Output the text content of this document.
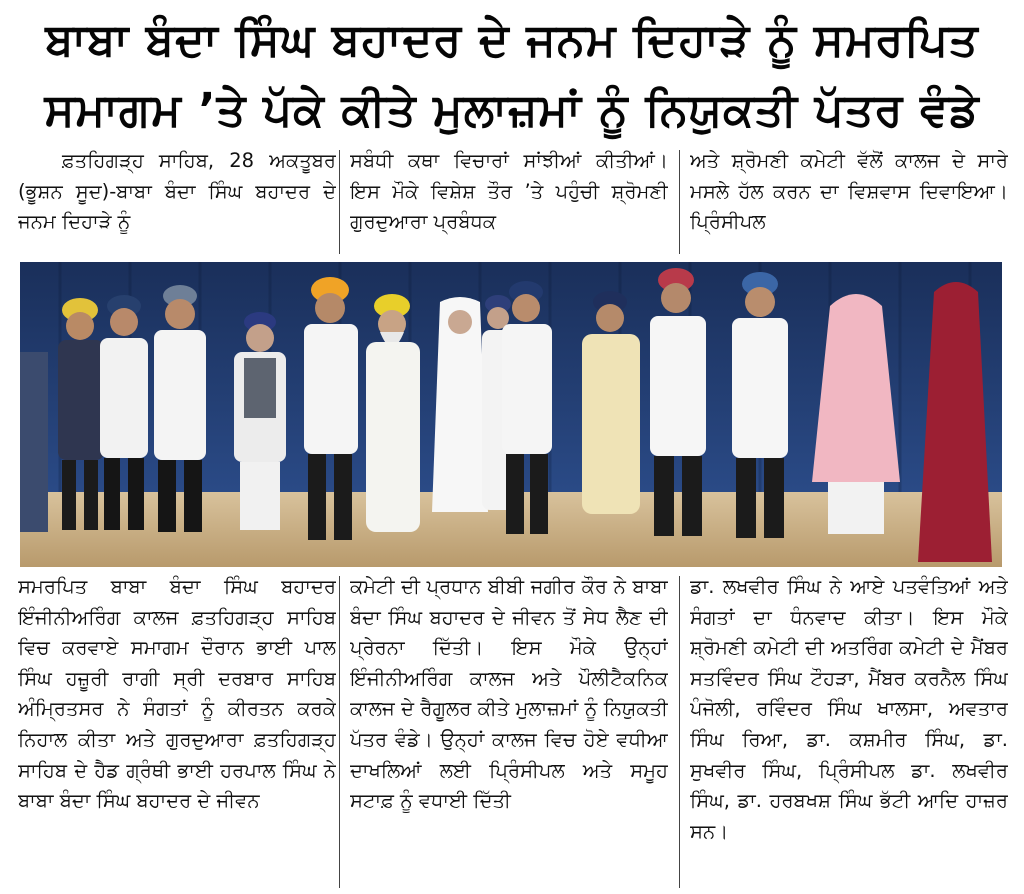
ਬਾਬਾ ਬੰਦਾ ਸਿੰਘ ਬਹਾਦਰ ਦੇ ਜਨਮ ਦਿਹਾੜੇ ਨੂੰ ਸਮਰਪਿਤ
ਸਮਾਗਮ ’ਤੇ ਪੱਕੇ ਕੀਤੇ ਮੁਲਾਜ਼ਮਾਂ ਨੂੰ ਨਿਯੁਕਤੀ ਪੱਤਰ ਵੰਡੇ

ਫ਼ਤਹਿਗੜ੍ਹ ਸਾਹਿਬ, 28 ਅਕਤੂਬਰ (ਭੂਸ਼ਨ ਸੂਦ)-ਬਾਬਾ ਬੰਦਾ ਸਿੰਘ ਬਹਾਦਰ ਦੇ ਜਨਮ ਦਿਹਾੜੇ ਨੂੰ

ਸਬੰਧੀ ਕਥਾ ਵਿਚਾਰਾਂ ਸਾਂਝੀਆਂ ਕੀਤੀਆਂ। ਇਸ ਮੌਕੇ ਵਿਸ਼ੇਸ਼ ਤੌਰ ’ਤੇ ਪਹੁੰਚੀ ਸ਼੍ਰੋਮਣੀ ਗੁਰਦੁਆਰਾ ਪ੍ਰਬੰਧਕ

ਅਤੇ ਸ਼੍ਰੋਮਣੀ ਕਮੇਟੀ ਵੱਲੋਂ ਕਾਲਜ ਦੇ ਸਾਰੇ ਮਸਲੇ ਹੱਲ ਕਰਨ ਦਾ ਵਿਸ਼ਵਾਸ ਦਿਵਾਇਆ। ਪ੍ਰਿੰਸੀਪਲ

ਸਮਰਪਿਤ ਬਾਬਾ ਬੰਦਾ ਸਿੰਘ ਬਹਾਦਰ ਇੰਜੀਨੀਅਰਿੰਗ ਕਾਲਜ ਫ਼ਤਹਿਗੜ੍ਹ ਸਾਹਿਬ ਵਿਚ ਕਰਵਾਏ ਸਮਾਗਮ ਦੌਰਾਨ ਭਾਈ ਪਾਲ ਸਿੰਘ ਹਜ਼ੂਰੀ ਰਾਗੀ ਸ੍ਰੀ ਦਰਬਾਰ ਸਾਹਿਬ ਅੰਮ੍ਰਿਤਸਰ ਨੇ ਸੰਗਤਾਂ ਨੂੰ ਕੀਰਤਨ ਕਰਕੇ ਨਿਹਾਲ ਕੀਤਾ ਅਤੇ ਗੁਰਦੁਆਰਾ ਫ਼ਤਹਿਗੜ੍ਹ ਸਾਹਿਬ ਦੇ ਹੈਡ ਗ੍ਰੰਥੀ ਭਾਈ ਹਰਪਾਲ ਸਿੰਘ ਨੇ ਬਾਬਾ ਬੰਦਾ ਸਿੰਘ ਬਹਾਦਰ ਦੇ ਜੀਵਨ

ਕਮੇਟੀ ਦੀ ਪ੍ਰਧਾਨ ਬੀਬੀ ਜਗੀਰ ਕੌਰ ਨੇ ਬਾਬਾ ਬੰਦਾ ਸਿੰਘ ਬਹਾਦਰ ਦੇ ਜੀਵਨ ਤੋਂ ਸੇਧ ਲੈਣ ਦੀ ਪ੍ਰੇਰਨਾ ਦਿੱਤੀ। ਇਸ ਮੌਕੇ ਉਨ੍ਹਾਂ ਇੰਜੀਨੀਅਰਿੰਗ ਕਾਲਜ ਅਤੇ ਪੌਲੀਟੈਕਨਿਕ ਕਾਲਜ ਦੇ ਰੈਗੂਲਰ ਕੀਤੇ ਮੁਲਾਜ਼ਮਾਂ ਨੂੰ ਨਿਯੁਕਤੀ ਪੱਤਰ ਵੰਡੇ। ਉਨ੍ਹਾਂ ਕਾਲਜ ਵਿਚ ਹੋਏ ਵਧੀਆ ਦਾਖਲਿਆਂ ਲਈ ਪ੍ਰਿੰਸੀਪਲ ਅਤੇ ਸਮੂਹ ਸਟਾਫ਼ ਨੂੰ ਵਧਾਈ ਦਿੱਤੀ

ਡਾ. ਲਖਵੀਰ ਸਿੰਘ ਨੇ ਆਏ ਪਤਵੰਤਿਆਂ ਅਤੇ ਸੰਗਤਾਂ ਦਾ ਧੰਨਵਾਦ ਕੀਤਾ। ਇਸ ਮੌਕੇ ਸ਼੍ਰੋਮਣੀ ਕਮੇਟੀ ਦੀ ਅਤਰਿੰਗ ਕਮੇਟੀ ਦੇ ਮੈਂਬਰ ਸਤਵਿੰਦਰ ਸਿੰਘ ਟੌਹੜਾ, ਮੈਂਬਰ ਕਰਨੈਲ ਸਿੰਘ ਪੰਜੋਲੀ, ਰਵਿੰਦਰ ਸਿੰਘ ਖਾਲਸਾ, ਅਵਤਾਰ ਸਿੰਘ ਰਿਆ, ਡਾ. ਕਸ਼ਮੀਰ ਸਿੰਘ, ਡਾ. ਸੁਖਵੀਰ ਸਿੰਘ, ਪ੍ਰਿੰਸੀਪਲ ਡਾ. ਲਖਵੀਰ ਸਿੰਘ, ਡਾ. ਹਰਬਖਸ਼ ਸਿੰਘ ਭੱਟੀ ਆਦਿ ਹਾਜ਼ਰ ਸਨ।
